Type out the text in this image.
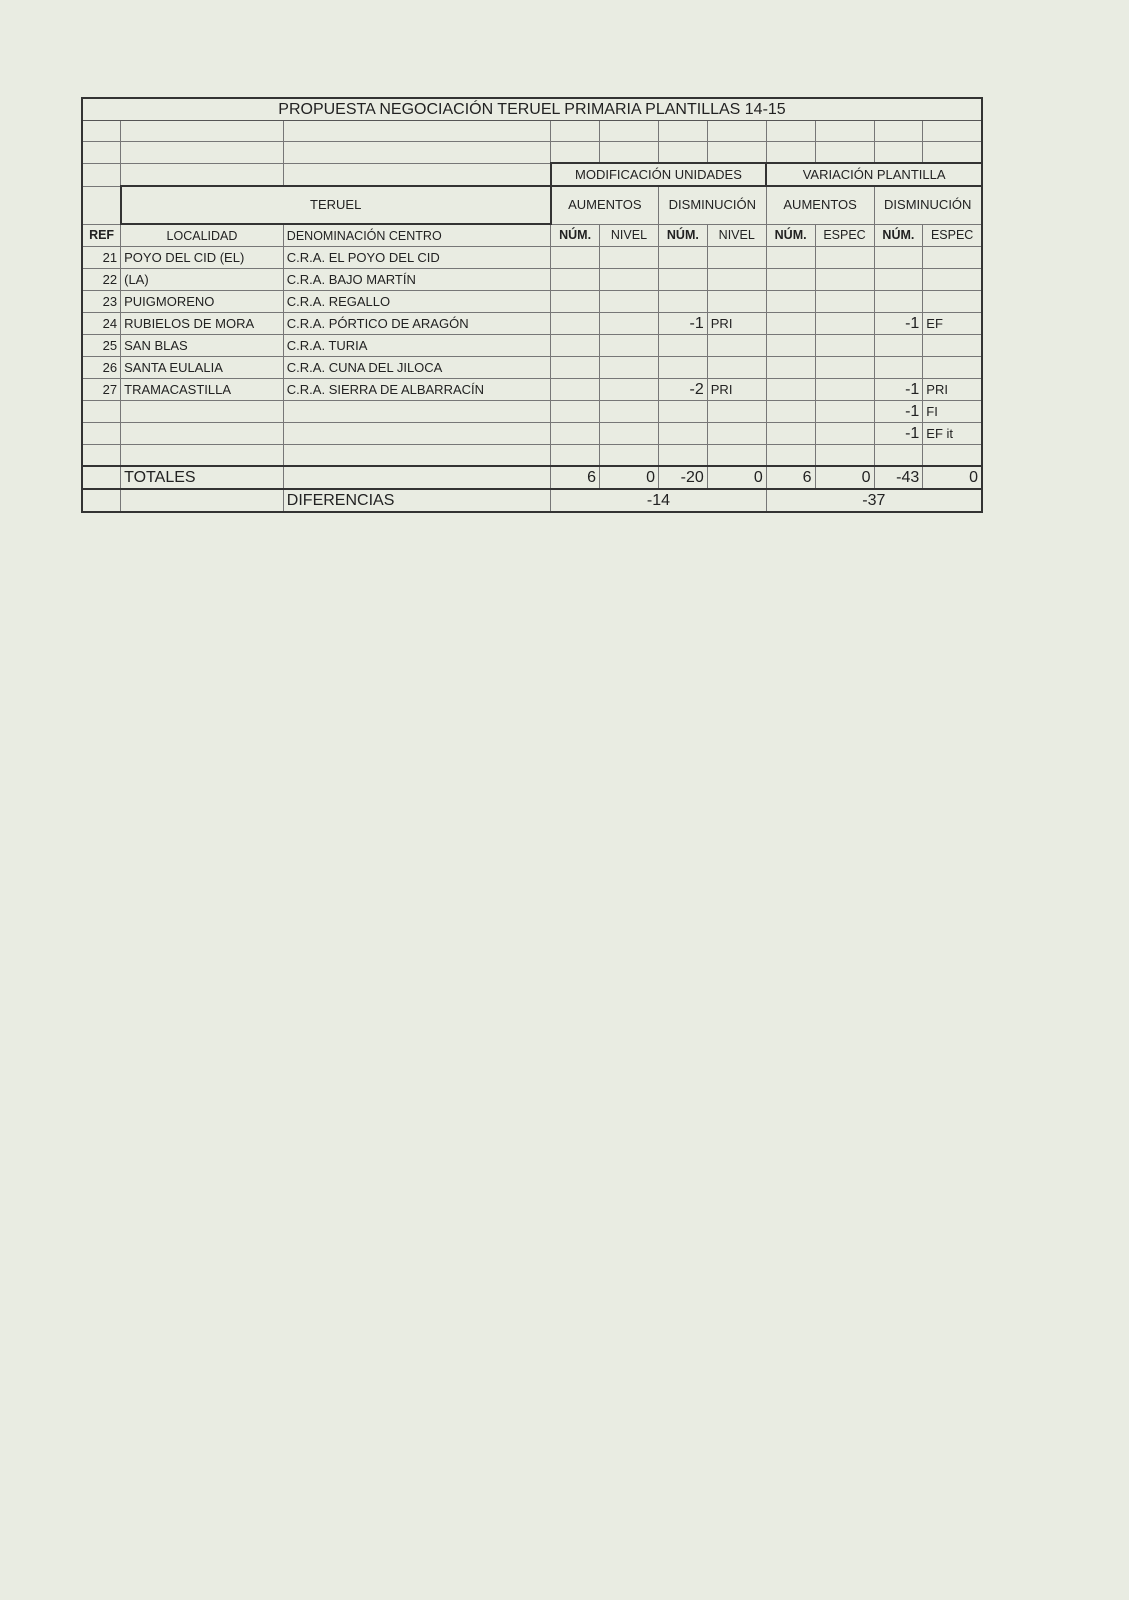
PROPUESTA NEGOCIACIÓN TERUEL PRIMARIA PLANTILLAS 14-15										

			MODIFICACIÓN UNIDADES				VARIACIÓN PLANTILLA			
	TERUEL		AUMENTOS		DISMINUCIÓN		AUMENTOS		DISMINUCIÓN	
REF	LOCALIDAD	DENOMINACIÓN CENTRO	NÚM.	NIVEL	NÚM.	NIVEL	NÚM.	ESPEC	NÚM.	ESPEC
21	POYO DEL CID (EL)	C.R.A. EL POYO DEL CID								
22	(LA)	C.R.A. BAJO MARTÍN								
23	PUIGMORENO	C.R.A. REGALLO								
24	RUBIELOS DE MORA	C.R.A. PÓRTICO DE ARAGÓN			-1	PRI			-1	EF
25	SAN BLAS	C.R.A. TURIA								
26	SANTA EULALIA	C.R.A. CUNA DEL JILOCA								
27	TRAMACASTILLA	C.R.A. SIERRA DE ALBARRACÍN			-2	PRI			-1	PRI
									-1	FI
									-1	EF it

	TOTALES		6	0	-20	0	6	0	-43	0
		DIFERENCIAS	-14				-37			
